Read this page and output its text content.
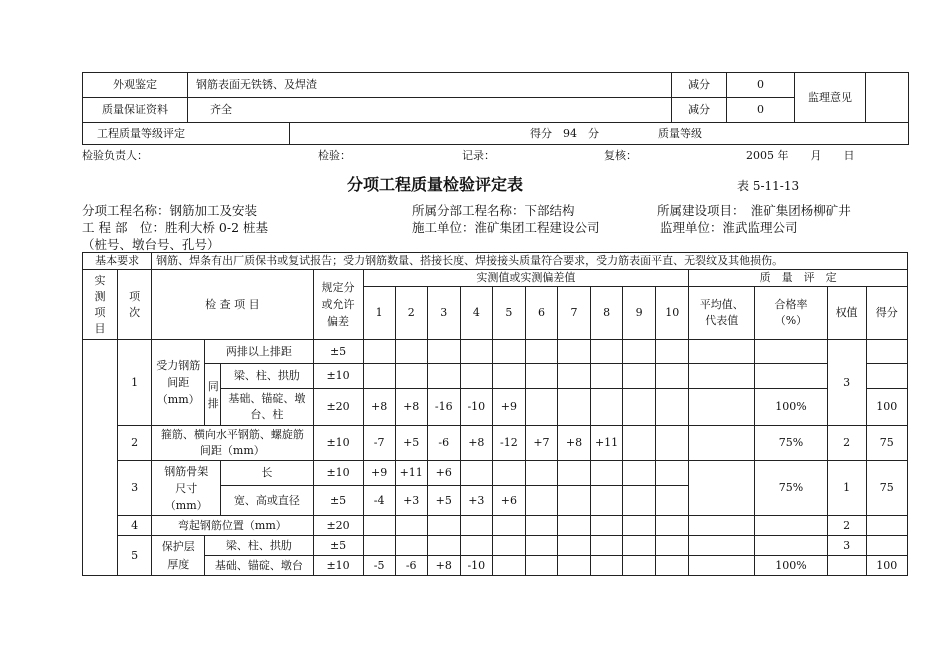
外观鉴定	钢筋表面无铁锈、及焊渣		减分	0	监理意见	
质量保证资料	齐全		减分	0		
工程质量等级评定		得分　94　分 质量等级				
检验负责人：	检验：	记录：	复核：	2005 年　　月　　日
分项工程质量检验评定表	表 5-11-13
分项工程名称：钢筋加工及安装	所属分部工程名称：下部结构	所属建设项目：　淮矿集团杨柳矿井
工 程 部　位：胜利大桥 0-2 桩基	施工单位：淮矿集团工程建设公司	监理单位：淮武监理公司
（桩号、墩台号、孔号）
基本要求		钢筋、焊条有出厂质保书或复试报告；受力钢筋数量、搭接长度、焊接接头质量符合要求，受力筋表面平直、无裂纹及其他损伤。																	

实测项目	项次	检 查 项 目			规定分或允许偏差	实测值或实测偏差值										质　量　评　定			
						1	2	3	4	5	6	7	8	9	10	平均值、代表值	合格率（%）	权值	得分
	1	受力钢筋间距（mm）	两排以上排距		±5													3	

			同排	梁、柱、拱肋	±10														

				基础、锚碇、墩台、柱	±20	+8	+8	-16	-10	+9							100%		100
	2	箍筋、横向水平钢筋、螺旋筋间距（mm）			±10	-7	+5	-6	+8	-12	+7	+8	+11				75%	2	75
	3	钢筋骨架尺寸（mm）		长	±10	+9	+11	+6									75%	1	75
				宽、高或直径	±5	-4	+3	+5	+3	+6									
	4	弯起钢筋位置（mm）			±20													2	
	5	保护层厚度	梁、柱、拱肋		±5													3	
			基础、锚碇、墩台		±10	-5	-6	+8	-10								100%		100
